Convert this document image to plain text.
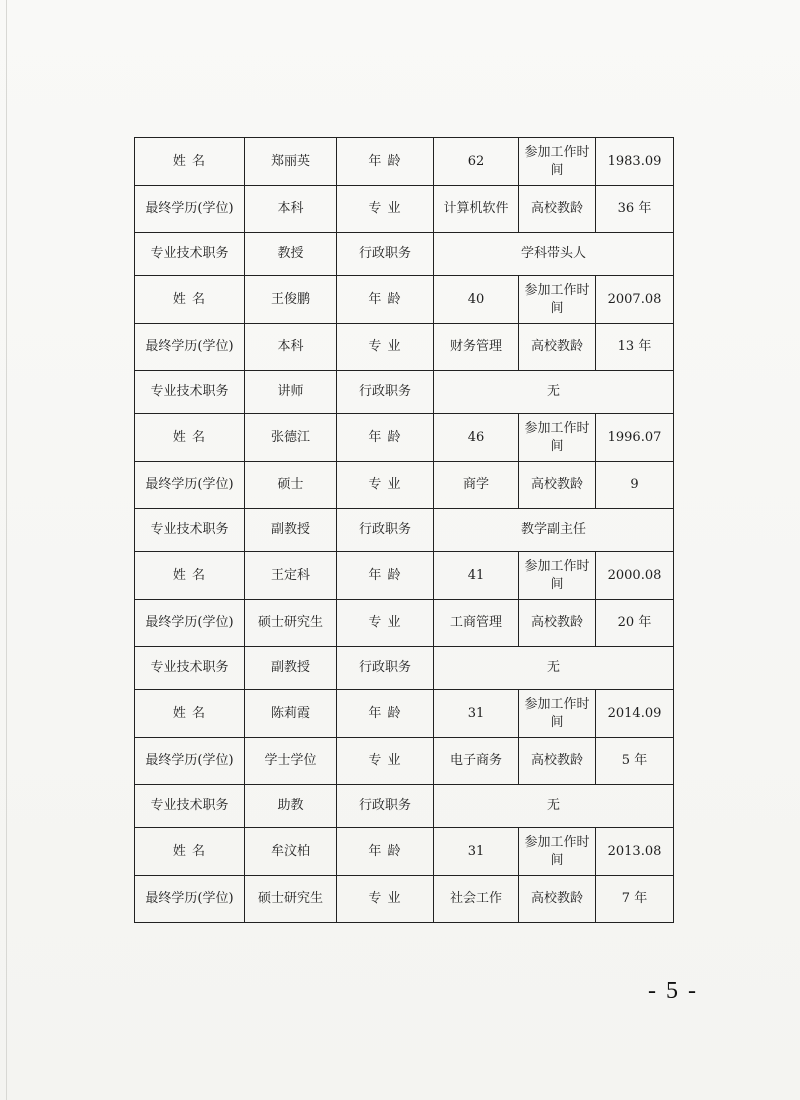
姓 名	郑丽英	年 龄	62	参加工作时间	1983.09
最终学历(学位)	本科	专 业	计算机软件	高校教龄	36 年
专业技术职务	教授	行政职务	学科带头人		
姓 名	王俊鹏	年 龄	40	参加工作时间	2007.08
最终学历(学位)	本科	专 业	财务管理	高校教龄	13 年
专业技术职务	讲师	行政职务	无		
姓 名	张德江	年 龄	46	参加工作时间	1996.07
最终学历(学位)	硕士	专 业	商学	高校教龄	9
专业技术职务	副教授	行政职务	教学副主任		
姓 名	王定科	年 龄	41	参加工作时间	2000.08
最终学历(学位)	硕士研究生	专 业	工商管理	高校教龄	20 年
专业技术职务	副教授	行政职务	无		
姓 名	陈莉霞	年 龄	31	参加工作时间	2014.09
最终学历(学位)	学士学位	专 业	电子商务	高校教龄	5 年
专业技术职务	助教	行政职务	无		
姓 名	牟汶柏	年 龄	31	参加工作时间	2013.08
最终学历(学位)	硕士研究生	专 业	社会工作	高校教龄	7 年
- 5 -
